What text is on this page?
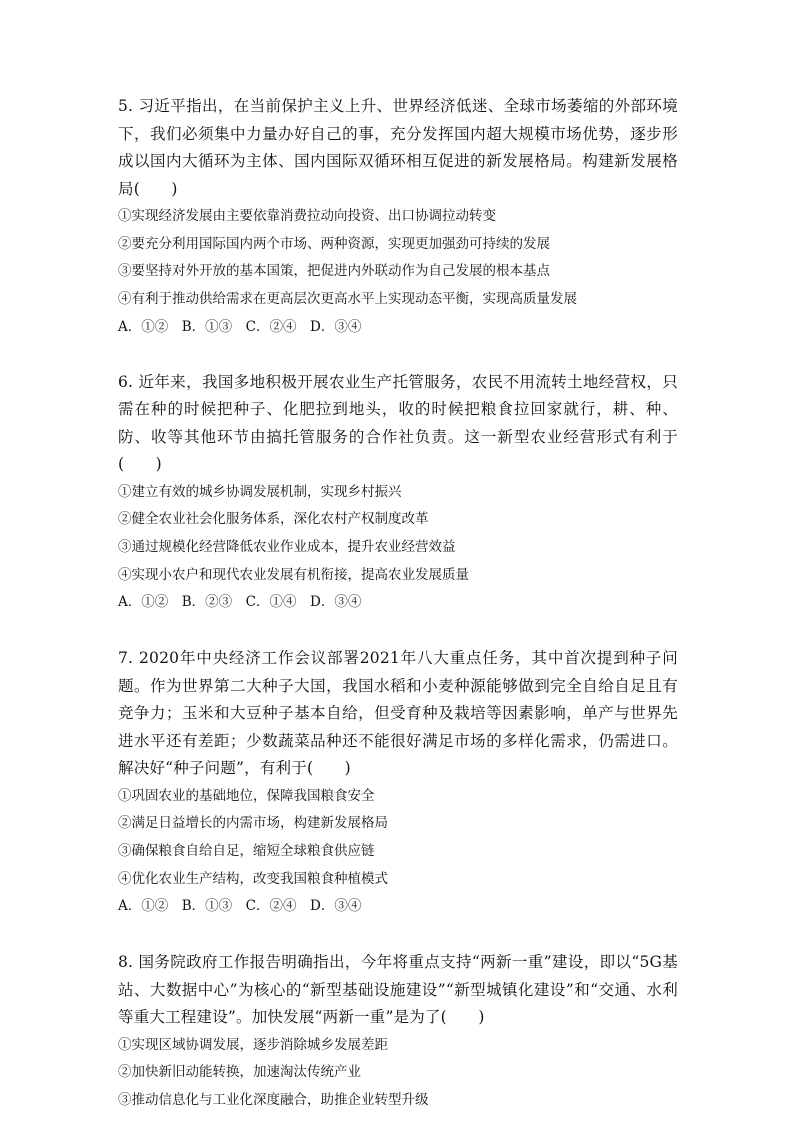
5. 习近平指出，在当前保护主义上升、世界经济低迷、全球市场萎缩的外部环境下，我们必须集中力量办好自己的事，充分发挥国内超大规模市场优势，逐步形成以国内大循环为主体、国内国际双循环相互促进的新发展格局。构建新发展格局(　　)

①实现经济发展由主要依靠消费拉动向投资、出口协调拉动转变

②要充分利用国际国内两个市场、两种资源，实现更加强劲可持续的发展

③要坚持对外开放的基本国策，把促进内外联动作为自己发展的根本基点

④有利于推动供给需求在更高层次更高水平上实现动态平衡，实现高质量发展

A．①②　B．①③　C．②④　D．③④

6. 近年来，我国多地积极开展农业生产托管服务，农民不用流转土地经营权，只需在种的时候把种子、化肥拉到地头，收的时候把粮食拉回家就行，耕、种、防、收等其他环节由搞托管服务的合作社负责。这一新型农业经营形式有利于(　　)

①建立有效的城乡协调发展机制，实现乡村振兴

②健全农业社会化服务体系，深化农村产权制度改革

③通过规模化经营降低农业作业成本，提升农业经营效益

④实现小农户和现代农业发展有机衔接，提高农业发展质量

A．①②　B．②③　C．①④　D．③④

7. 2020年中央经济工作会议部署2021年八大重点任务，其中首次提到种子问题。作为世界第二大种子大国，我国水稻和小麦种源能够做到完全自给自足且有竞争力；玉米和大豆种子基本自给，但受育种及栽培等因素影响，单产与世界先进水平还有差距；少数蔬菜品种还不能很好满足市场的多样化需求，仍需进口。解决好“种子问题”，有利于(　　)

①巩固农业的基础地位，保障我国粮食安全

②满足日益增长的内需市场，构建新发展格局

③确保粮食自给自足，缩短全球粮食供应链

④优化农业生产结构，改变我国粮食种植模式

A．①②　B．①③　C．②④　D．③④

8. 国务院政府工作报告明确指出，今年将重点支持“两新一重”建设，即以“5G基站、大数据中心”为核心的“新型基础设施建设”“新型城镇化建设”和“交通、水利等重大工程建设”。加快发展“两新一重”是为了(　　)

①实现区域协调发展，逐步消除城乡发展差距

②加快新旧动能转换，加速淘汰传统产业

③推动信息化与工业化深度融合，助推企业转型升级
